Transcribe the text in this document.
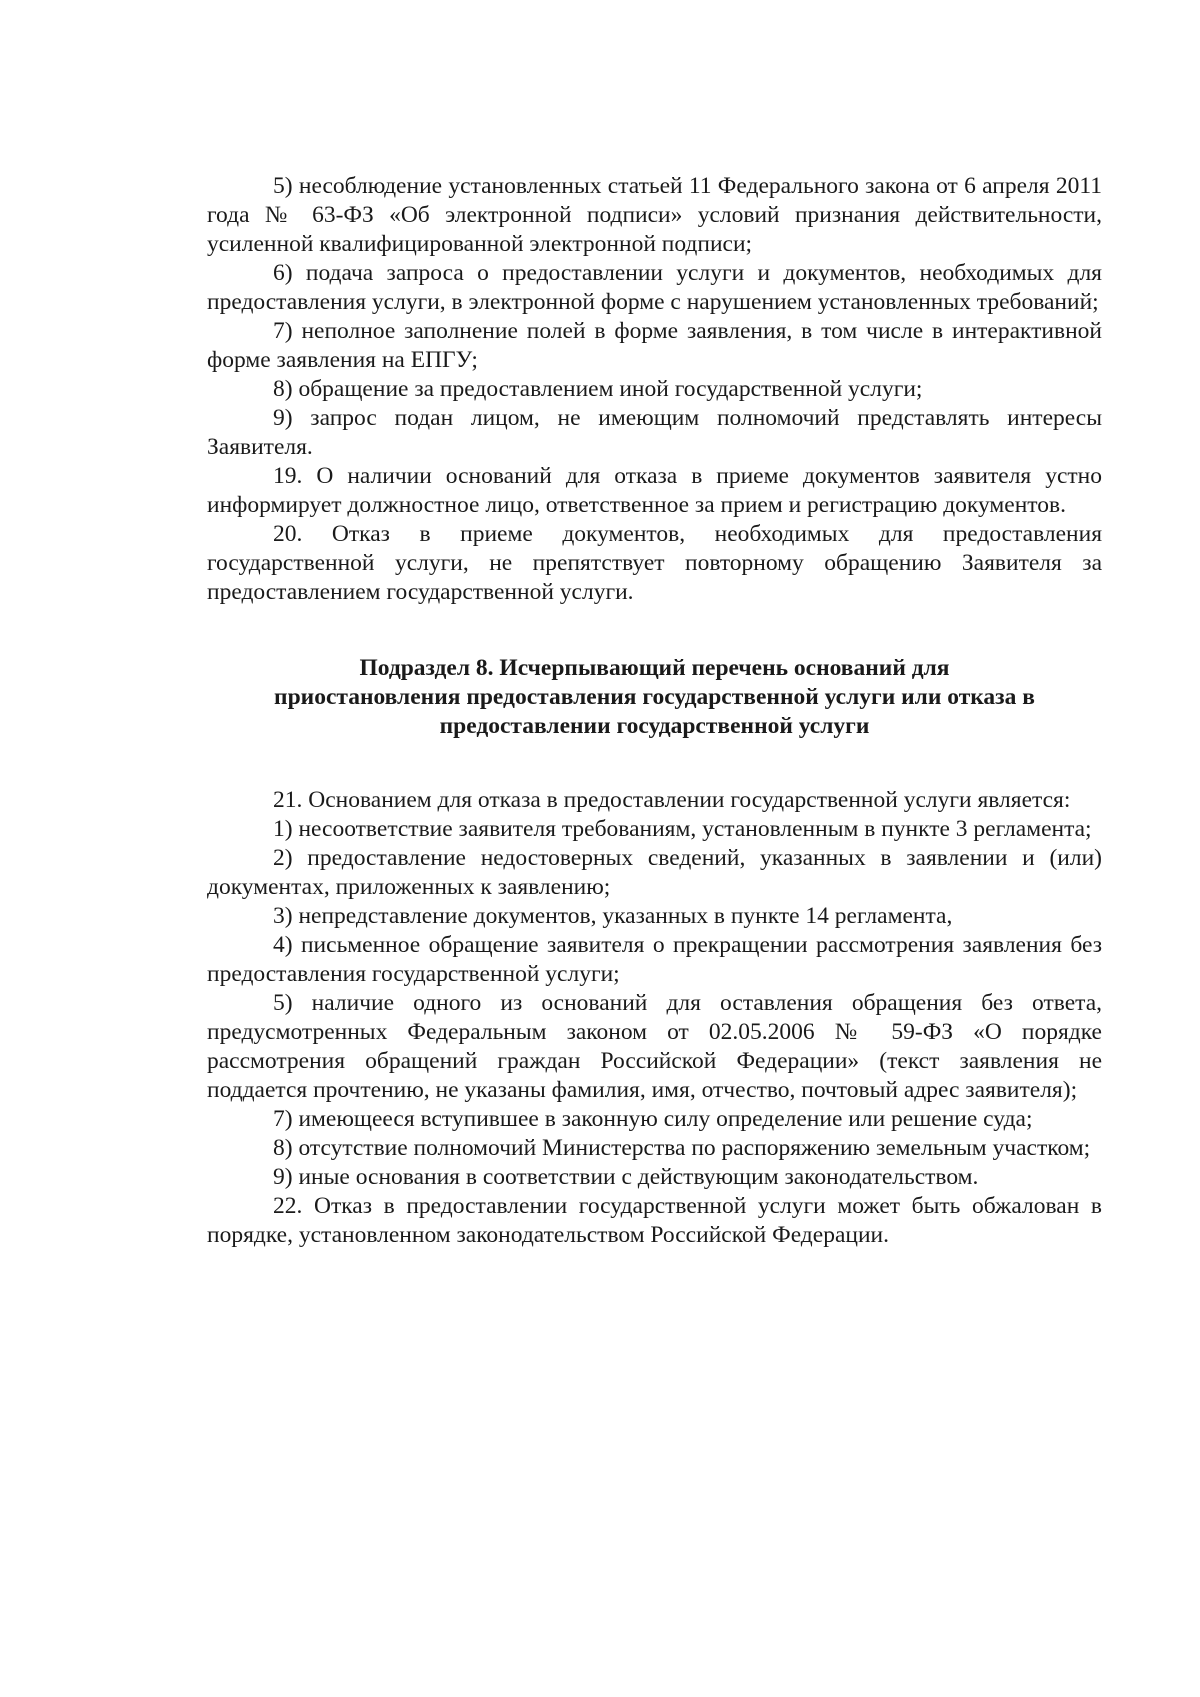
5) несоблюдение установленных статьей 11 Федерального закона от 6 апреля 2011 года № 63-ФЗ «Об электронной подписи» условий признания действительности, усиленной квалифицированной электронной подписи;

6) подача запроса о предоставлении услуги и документов, необходимых для предоставления услуги, в электронной форме с нарушением установленных требований;

7) неполное заполнение полей в форме заявления, в том числе в интерактивной форме заявления на ЕПГУ;

8) обращение за предоставлением иной государственной услуги;

9) запрос подан лицом, не имеющим полномочий представлять интересы Заявителя.

19. О наличии оснований для отказа в приеме документов заявителя устно информирует должностное лицо, ответственное за прием и регистрацию документов.

20. Отказ в приеме документов, необходимых для предоставления государственной услуги, не препятствует повторному обращению Заявителя за предоставлением государственной услуги.

Подраздел 8. Исчерпывающий перечень оснований для
приостановления предоставления государственной услуги или отказа в
предоставлении государственной услуги

21. Основанием для отказа в предоставлении государственной услуги является:

1) несоответствие заявителя требованиям, установленным в пункте 3 регламента;

2) предоставление недостоверных сведений, указанных в заявлении и (или) документах, приложенных к заявлению;

3) непредставление документов, указанных в пункте 14 регламента,

4) письменное обращение заявителя о прекращении рассмотрения заявления без предоставления государственной услуги;

5) наличие одного из оснований для оставления обращения без ответа, предусмотренных Федеральным законом от 02.05.2006 № 59-ФЗ «О порядке рассмотрения обращений граждан Российской Федерации» (текст заявления не поддается прочтению, не указаны фамилия, имя, отчество, почтовый адрес заявителя);

7) имеющееся вступившее в законную силу определение или решение суда;

8) отсутствие полномочий Министерства по распоряжению земельным участком;

9) иные основания в соответствии с действующим законодательством.

22. Отказ в предоставлении государственной услуги может быть обжалован в порядке, установленном законодательством Российской Федерации.
